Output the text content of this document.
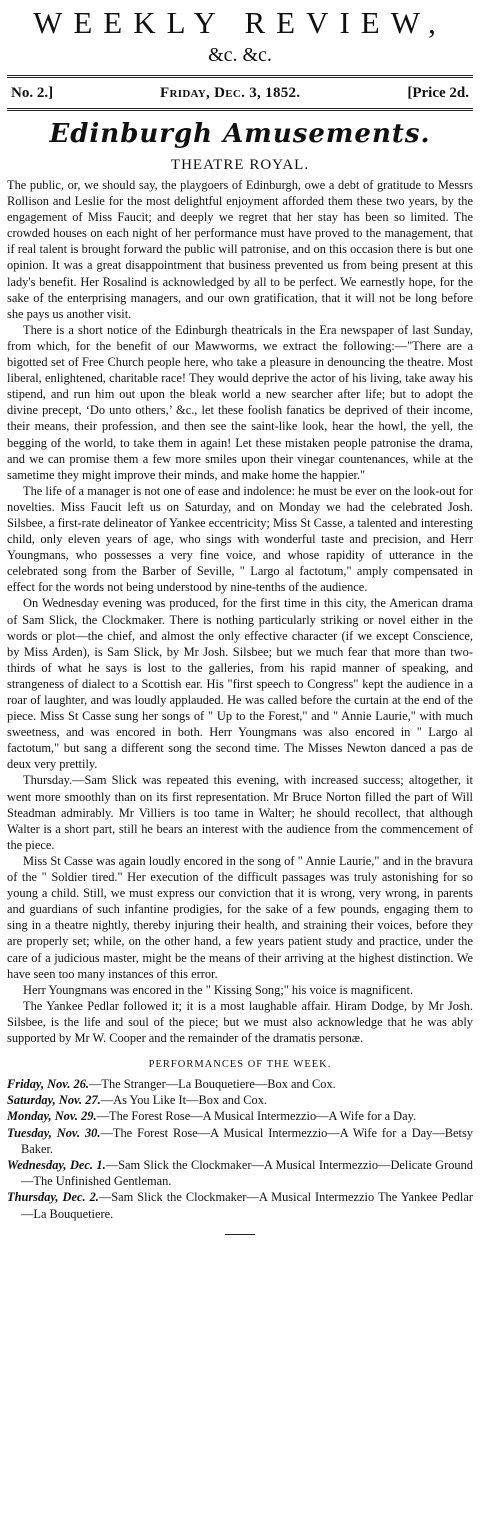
WEEKLY REVIEW,
&c. &c.
No. 2.]	Friday, Dec. 3, 1852.	[Price 2d.
Edinburgh Amusements.
THEATRE ROYAL.

The public, or, we should say, the playgoers of Edinburgh, owe a debt of gratitude to Messrs Rollison and Leslie for the most delightful enjoyment afforded them these two years, by the engagement of Miss Faucit; and deeply we regret that her stay has been so limited. The crowded houses on each night of her performance must have proved to the management, that if real talent is brought forward the public will patronise, and on this occasion there is but one opinion. It was a great disappointment that business prevented us from being present at this lady's benefit. Her Rosalind is acknowledged by all to be perfect. We earnestly hope, for the sake of the enterprising managers, and our own gratification, that it will not be long before she pays us another visit.

There is a short notice of the Edinburgh theatricals in the Era newspaper of last Sunday, from which, for the benefit of our Mawworms, we extract the following:—"There are a bigotted set of Free Church people here, who take a pleasure in denouncing the theatre. Most liberal, enlightened, charitable race! They would deprive the actor of his living, take away his stipend, and run him out upon the bleak world a new searcher after life; but to adopt the divine precept, ‘Do unto others,’ &c., let these foolish fanatics be deprived of their income, their means, their profession, and then see the saint-like look, hear the howl, the yell, the begging of the world, to take them in again! Let these mistaken people patronise the drama, and we can promise them a few more smiles upon their vinegar countenances, while at the sametime they might improve their minds, and make home the happier."

The life of a manager is not one of ease and indolence: he must be ever on the look-out for novelties. Miss Faucit left us on Saturday, and on Monday we had the celebrated Josh. Silsbee, a first-rate delineator of Yankee eccentricity; Miss St Casse, a talented and interesting child, only eleven years of age, who sings with wonderful taste and precision, and Herr Youngmans, who possesses a very fine voice, and whose rapidity of utterance in the celebrated song from the Barber of Seville, " Largo al factotum," amply compensated in effect for the words not being understood by nine-tenths of the audience.

On Wednesday evening was produced, for the first time in this city, the American drama of Sam Slick, the Clockmaker. There is nothing particularly striking or novel either in the words or plot—the chief, and almost the only effective character (if we except Conscience, by Miss Arden), is Sam Slick, by Mr Josh. Silsbee; but we much fear that more than two-thirds of what he says is lost to the galleries, from his rapid manner of speaking, and strangeness of dialect to a Scottish ear. His "first speech to Congress" kept the audience in a roar of laughter, and was loudly applauded. He was called before the curtain at the end of the piece. Miss St Casse sung her songs of " Up to the Forest," and " Annie Laurie," with much sweetness, and was encored in both. Herr Youngmans was also encored in " Largo al factotum," but sang a different song the second time. The Misses Newton danced a pas de deux very prettily.

Thursday.—Sam Slick was repeated this evening, with increased success; altogether, it went more smoothly than on its first representation. Mr Bruce Norton filled the part of Will Steadman admirably. Mr Villiers is too tame in Walter; he should recollect, that although Walter is a short part, still he bears an interest with the audience from the commencement of the piece.

Miss St Casse was again loudly encored in the song of " Annie Laurie," and in the bravura of the " Soldier tired." Her execution of the difficult passages was truly astonishing for so young a child. Still, we must express our conviction that it is wrong, very wrong, in parents and guardians of such infantine prodigies, for the sake of a few pounds, engaging them to sing in a theatre nightly, thereby injuring their health, and straining their voices, before they are properly set; while, on the other hand, a few years patient study and practice, under the care of a judicious master, might be the means of their arriving at the highest distinction. We have seen too many instances of this error.

Herr Youngmans was encored in the " Kissing Song;" his voice is magnificent.

The Yankee Pedlar followed it; it is a most laughable affair. Hiram Dodge, by Mr Josh. Silsbee, is the life and soul of the piece; but we must also acknowledge that he was ably supported by Mr W. Cooper and the remainder of the dramatis personæ.

PERFORMANCES OF THE WEEK.
Friday, Nov. 26.—The Stranger—La Bouquetiere—Box and Cox.
Saturday, Nov. 27.—As You Like It—Box and Cox.
Monday, Nov. 29.—The Forest Rose—A Musical Intermezzio—A Wife for a Day.
Tuesday, Nov. 30.—The Forest Rose—A Musical Intermezzio—A Wife for a Day—Betsy Baker.
Wednesday, Dec. 1.—Sam Slick the Clockmaker—A Musical Intermezzio—Delicate Ground—The Unfinished Gentleman.
Thursday, Dec. 2.—Sam Slick the Clockmaker—A Musical Intermezzio The Yankee Pedlar—La Bouquetiere.
